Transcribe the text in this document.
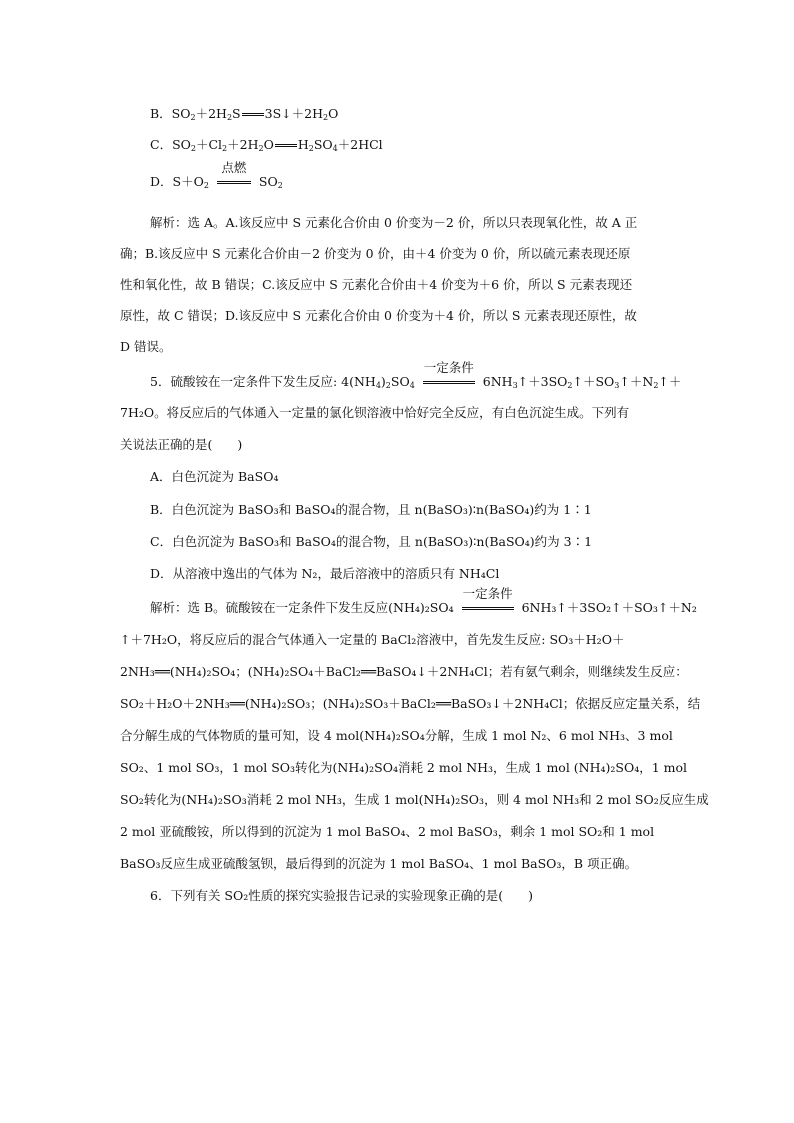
B．$SO_2+2H_2S$ $3S↓+2H_2O$
C．$SO_2+Cl_2+2H_2O$ $H_2SO_4+2HCl$
D．$S+O_2$
点燃
$SO_2$
解析：选 A。A.该反应中 S 元素化合价由 0 价变为－2 价，所以只表现氧化性，故 A 正
确；B.该反应中 S 元素化合价由－2 价变为 0 价，由＋4 价变为 0 价，所以硫元素表现还原
性和氧化性，故 B 错误；C.该反应中 S 元素化合价由＋4 价变为＋6 价，所以 S 元素表现还
原性，故 C 错误；D.该反应中 S 元素化合价由 0 价变为＋4 价，所以 S 元素表现还原性，故
D 错误。
5．硫酸铵在一定条件下发生反应: $4(NH_4)_2SO_4$
一定条件
$6NH_3↑+3SO_2↑+SO_3↑+N_2↑+$
7H₂O。将反应后的气体通入一定量的氯化钡溶液中恰好完全反应，有白色沉淀生成。下列有
关说法正确的是(　　)
A．白色沉淀为 BaSO₄
B．白色沉淀为 BaSO₃和 BaSO₄的混合物，且 n(BaSO₃)∶n(BaSO₄)约为 1∶1
C．白色沉淀为 BaSO₃和 BaSO₄的混合物，且 n(BaSO₃)∶n(BaSO₄)约为 3∶1
D．从溶液中逸出的气体为 N₂，最后溶液中的溶质只有 NH₄Cl
解析：选 B。硫酸铵在一定条件下发生反应(NH₄)₂SO₄
一定条件
6NH₃↑＋3SO₂↑＋SO₃↑＋N₂
↑＋7H₂O，将反应后的混合气体通入一定量的 BaCl₂溶液中，首先发生反应: SO₃＋H₂O＋
2NH₃══(NH₄)₂SO₄；(NH₄)₂SO₄＋BaCl₂══BaSO₄↓＋2NH₄Cl；若有氨气剩余，则继续发生反应：
SO₂＋H₂O＋2NH₃══(NH₄)₂SO₃；(NH₄)₂SO₃＋BaCl₂══BaSO₃↓＋2NH₄Cl；依据反应定量关系，结
合分解生成的气体物质的量可知，设 4 mol(NH₄)₂SO₄分解，生成 1 mol N₂、6 mol NH₃、3 mol
SO₂、1 mol SO₃，1 mol SO₃转化为(NH₄)₂SO₄消耗 2 mol NH₃，生成 1 mol (NH₄)₂SO₄，1 mol
SO₂转化为(NH₄)₂SO₃消耗 2 mol NH₃，生成 1 mol(NH₄)₂SO₃，则 4 mol NH₃和 2 mol SO₂反应生成
2 mol 亚硫酸铵，所以得到的沉淀为 1 mol BaSO₄、2 mol BaSO₃，剩余 1 mol SO₂和 1 mol
BaSO₃反应生成亚硫酸氢钡，最后得到的沉淀为 1 mol BaSO₄、1 mol BaSO₃，B 项正确。
6．下列有关 SO₂性质的探究实验报告记录的实验现象正确的是(　　)
